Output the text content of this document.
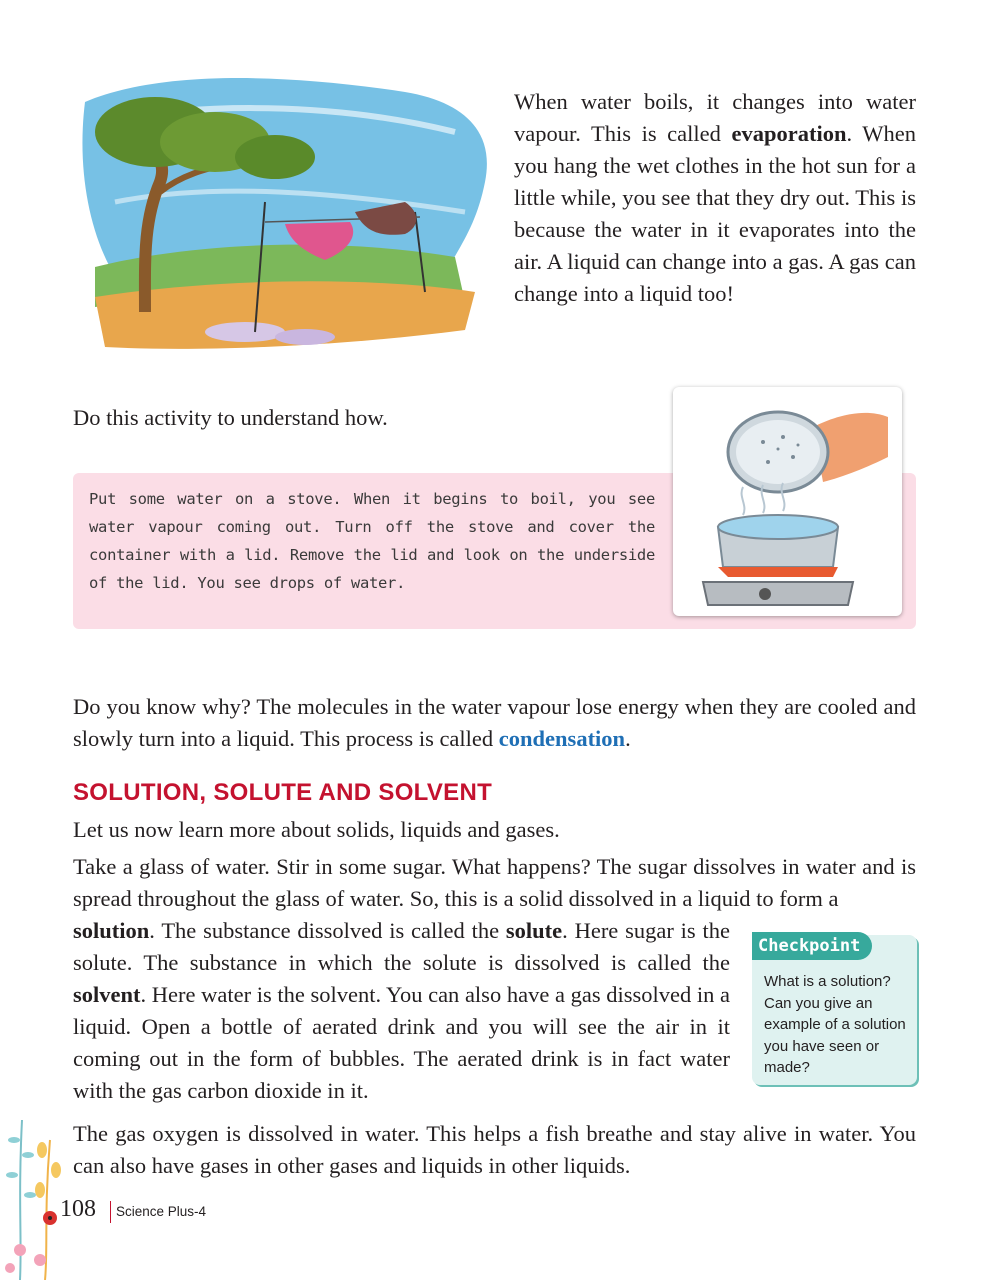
When water boils, it changes into water vapour. This is called evaporation. When you hang the wet clothes in the hot sun for a little while, you see that they dry out. This is because the water in it evaporates into the air. A liquid can change into a gas. A gas can change into a liquid too!

Do this activity to understand how.

Put some water on a stove. When it begins to boil, you see water vapour coming out. Turn off the stove and cover the container with a lid. Remove the lid and look on the underside of the lid. You see drops of water.

Do you know why? The molecules in the water vapour lose energy when they are cooled and slowly turn into a liquid. This process is called condensation.

SOLUTION, SOLUTE AND SOLVENT

Let us now learn more about solids, liquids and gases.

Take a glass of water. Stir in some sugar. What happens? The sugar dissolves in water and is spread throughout the glass of water. So, this is a solid dissolved in a liquid to form a

solution. The substance dissolved is called the solute. Here sugar is the solute. The substance in which the solute is dissolved is called the solvent. Here water is the solvent. You can also have a gas dissolved in a liquid. Open a bottle of aerated drink and you will see the air in it coming out in the form of bubbles. The aerated drink is in fact water with the gas carbon dioxide in it.

Checkpoint

What is a solution? Can you give an example of a solution you have seen or made?

The gas oxygen is dissolved in water. This helps a fish breathe and stay alive in water. You can also have gases in other gases and liquids in other liquids.

108 Science Plus-4
